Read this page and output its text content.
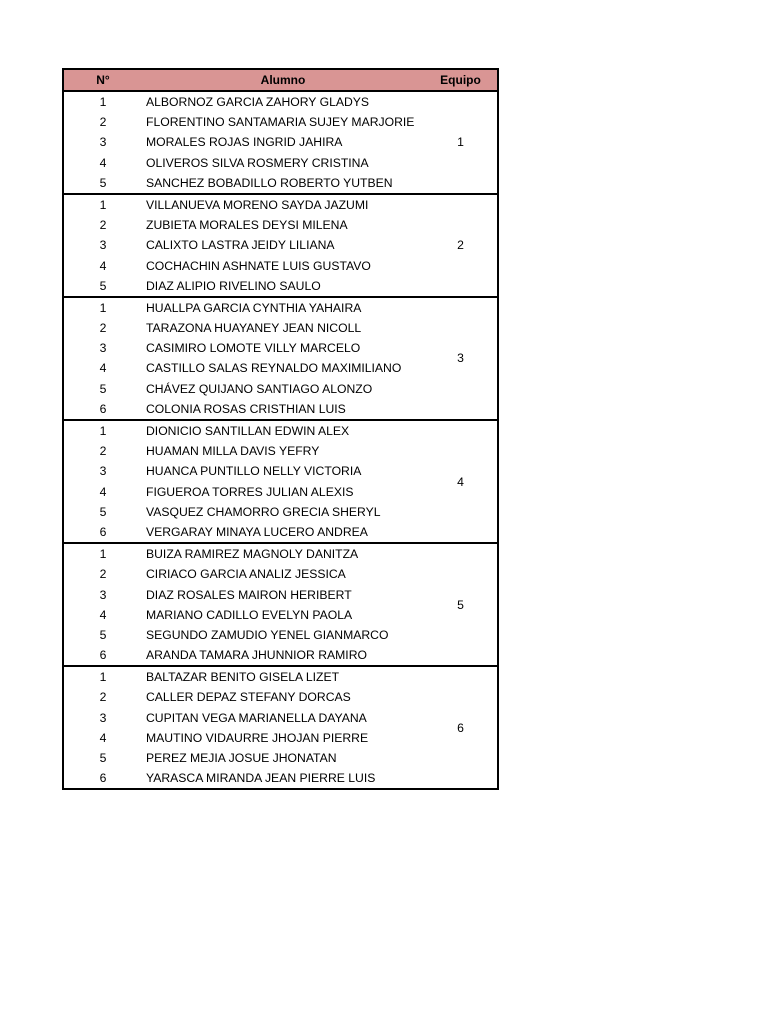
N°	Alumno	Equipo
1	ALBORNOZ GARCIA ZAHORY GLADYS
2	FLORENTINO SANTAMARIA SUJEY MARJORIE
3	MORALES ROJAS INGRID JAHIRA
4	OLIVEROS SILVA ROSMERY CRISTINA
5	SANCHEZ BOBADILLO ROBERTO YUTBEN
1
1	VILLANUEVA MORENO SAYDA JAZUMI
2	ZUBIETA MORALES DEYSI MILENA
3	CALIXTO LASTRA JEIDY LILIANA
4	COCHACHIN ASHNATE LUIS GUSTAVO
5	DIAZ ALIPIO RIVELINO SAULO
2
1	HUALLPA GARCIA CYNTHIA YAHAIRA
2	TARAZONA HUAYANEY JEAN NICOLL
3	CASIMIRO LOMOTE VILLY MARCELO
4	CASTILLO SALAS REYNALDO MAXIMILIANO
5	CHÁVEZ QUIJANO SANTIAGO ALONZO
6	COLONIA ROSAS CRISTHIAN LUIS
3
1	DIONICIO SANTILLAN EDWIN ALEX
2	HUAMAN MILLA DAVIS YEFRY
3	HUANCA PUNTILLO NELLY VICTORIA
4	FIGUEROA TORRES JULIAN ALEXIS
5	VASQUEZ CHAMORRO GRECIA SHERYL
6	VERGARAY MINAYA LUCERO ANDREA
4
1	BUIZA RAMIREZ MAGNOLY DANITZA
2	CIRIACO GARCIA ANALIZ JESSICA
3	DIAZ ROSALES MAIRON HERIBERT
4	MARIANO CADILLO EVELYN PAOLA
5	SEGUNDO ZAMUDIO YENEL GIANMARCO
6	ARANDA TAMARA JHUNNIOR RAMIRO
5
1	BALTAZAR BENITO GISELA LIZET
2	CALLER DEPAZ STEFANY DORCAS
3	CUPITAN VEGA MARIANELLA DAYANA
4	MAUTINO VIDAURRE JHOJAN PIERRE
5	PEREZ MEJIA JOSUE JHONATAN
6	YARASCA MIRANDA JEAN PIERRE LUIS
6
